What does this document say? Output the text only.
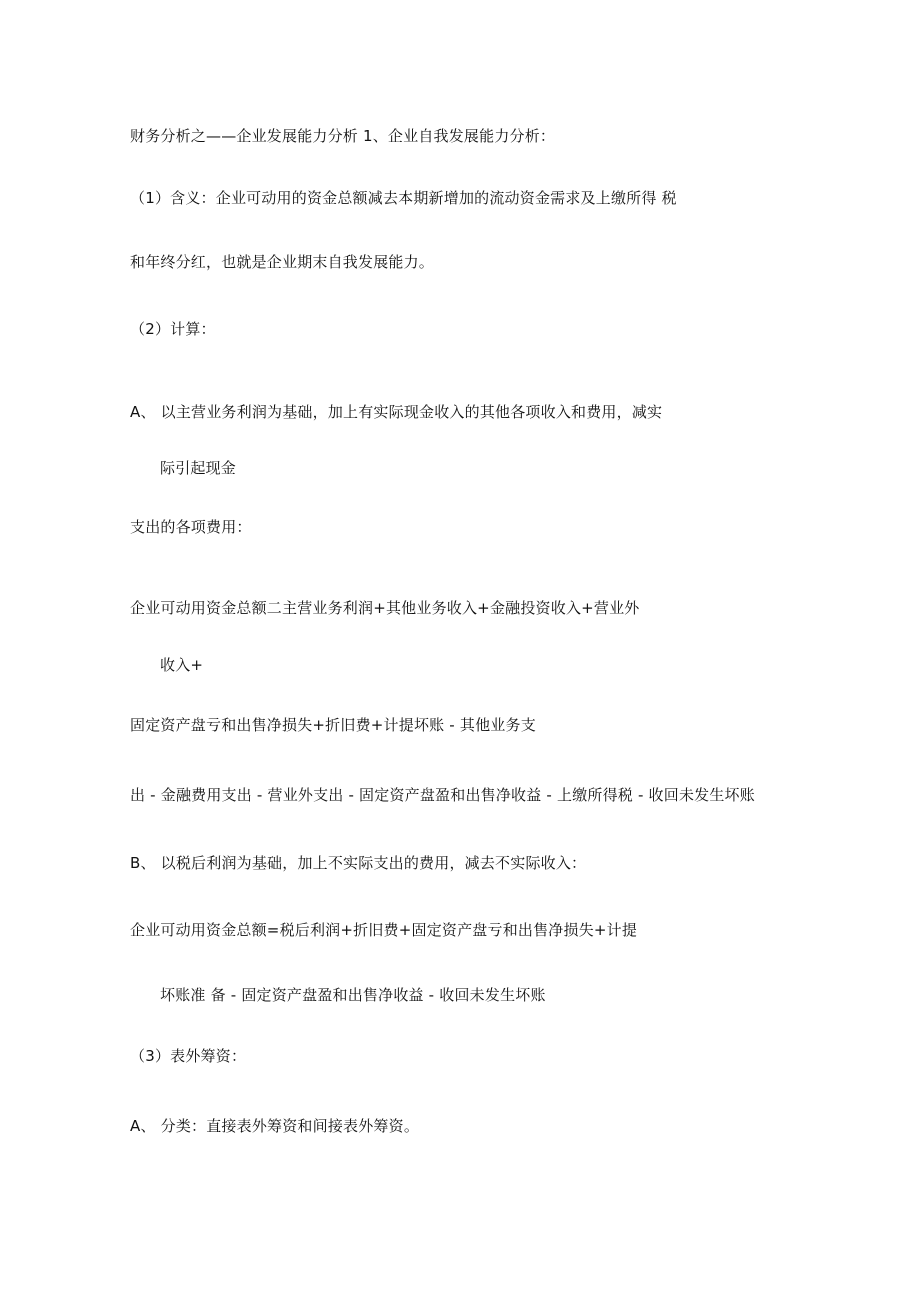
财务分析之——企业发展能力分析 1、企业自我发展能力分析：
（1）含义：企业可动用的资金总额减去本期新增加的流动资金需求及上缴所得 税
和年终分红，也就是企业期末自我发展能力。
（2）计算：
A、 以主营业务利润为基础，加上有实际现金收入的其他各项收入和费用，减实
际引起现金
支出的各项费用：
企业可动用资金总额二主营业务利润+其他业务收入+金融投资收入+营业外
收入+
固定资产盘亏和出售净损失+折旧费+计提坏账 - 其他业务支
出 - 金融费用支出 - 营业外支出 - 固定资产盘盈和出售净收益 - 上缴所得税 - 收回未发生坏账
B、 以税后利润为基础，加上不实际支出的费用，减去不实际收入：
企业可动用资金总额=税后利润+折旧费+固定资产盘亏和出售净损失+计提
坏账准 备 - 固定资产盘盈和出售净收益 - 收回未发生坏账
（3）表外筹资：
A、 分类：直接表外筹资和间接表外筹资。
